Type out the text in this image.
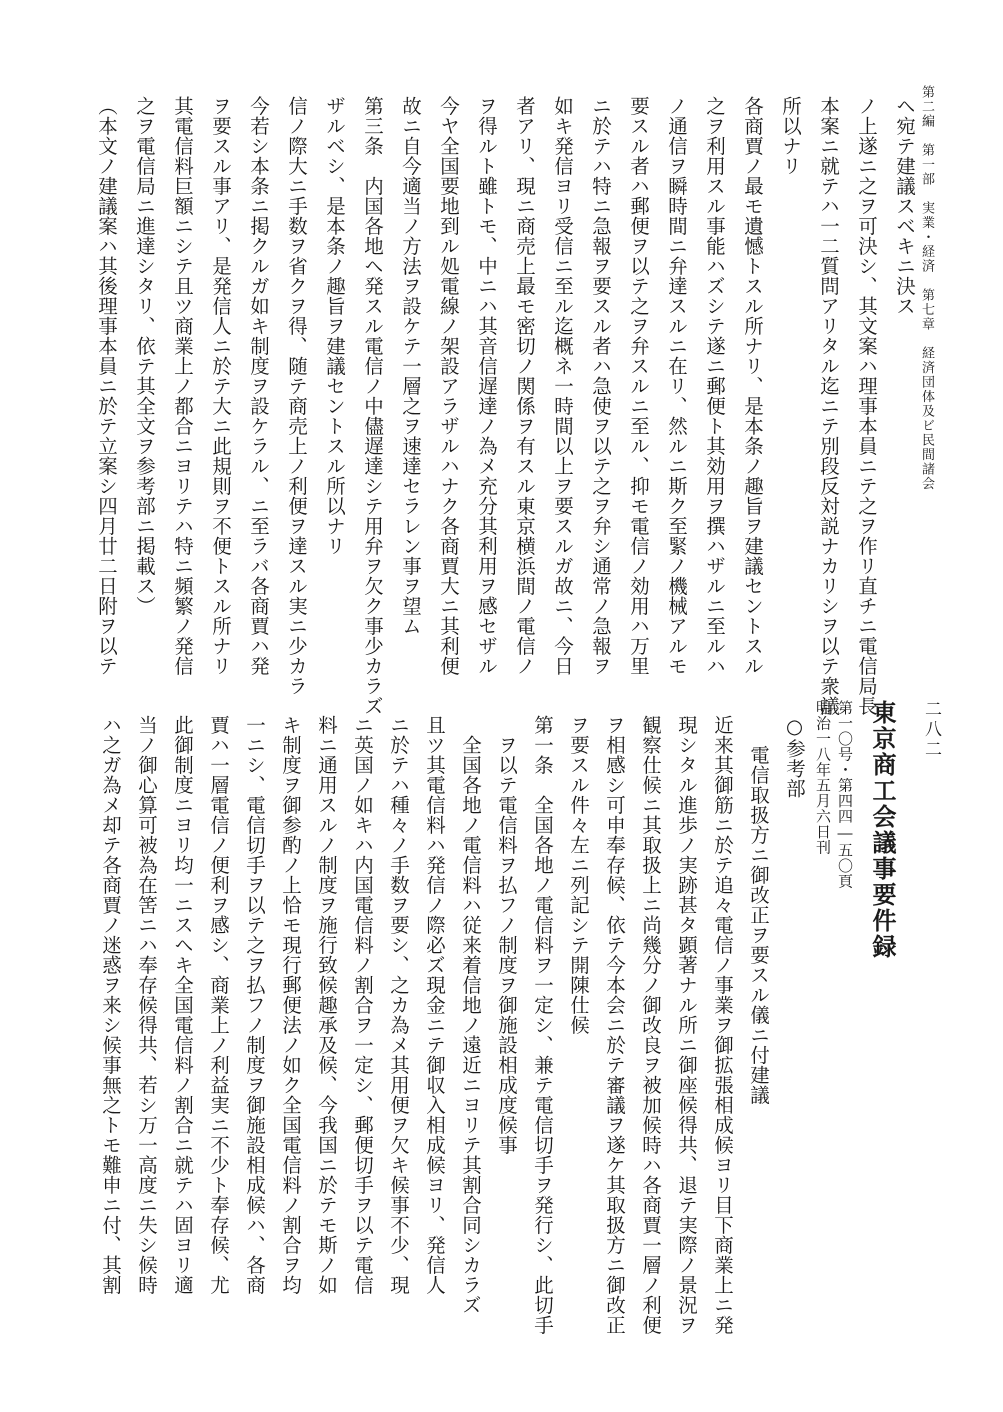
第二編　第一部　実業・経済　第七章　経済団体及ビ民間諸会
其電信料巨額ニシテ且ツ商業上ノ都合ニヨリテハ特ニ頻繁ノ発信 ヲ要スル事アリ、是発信人ニ於テ大ニ此規則ヲ不便トスル所ナリ 今若シ本条ニ掲クルガ如キ制度ヲ設ケラル、ニ至ラバ各商賈ハ発 信ノ際大ニ手数ヲ省クヲ得、随テ商売上ノ利便ヲ達スル実ニ少カラ ザルベシ、是本条ノ趣旨ヲ建議セントスル所以ナリ 第三条　内国各地ヘ発スル電信ノ中儘遅達シテ用弁ヲ欠ク事少カラズ 故ニ自今適当ノ方法ヲ設ケテ一層之ヲ速達セラレン事ヲ望ム 今ヤ全国要地到ル処電線ノ架設アラザルハナク各商賈大ニ其利便 ヲ得ルト雖トモ、中ニハ其音信遅達ノ為メ充分其利用ヲ感セザル 者アリ、現ニ商売上最モ密切ノ関係ヲ有スル東京横浜間ノ電信ノ 如キ発信ヨリ受信ニ至ル迄概ネ一時間以上ヲ要スルガ故ニ、今日 ニ於テハ特ニ急報ヲ要スル者ハ急使ヲ以テ之ヲ弁シ通常ノ急報ヲ 要スル者ハ郵便ヲ以テ之ヲ弁スルニ至ル、抑モ電信ノ効用ハ万里 ノ通信ヲ瞬時間ニ弁達スルニ在リ、然ルニ斯ク至緊ノ機械アルモ 之ヲ利用スル事能ハズシテ遂ニ郵便ト其効用ヲ撰ハザルニ至ルハ 各商賈ノ最モ遺憾トスル所ナリ、是本条ノ趣旨ヲ建議セントスル 所以ナリ 本案ニ就テハ一二質問アリタル迄ニテ別段反対説ナカリシヲ以テ衆議 ノ上遂ニ之ヲ可決シ、其文案ハ理事本員ニテ之ヲ作リ直チニ電信局長 ヘ宛テ建議スベキニ決ス
（本文ノ建議案ハ其後理事本員ニ於テ立案シ四月廿二日附ヲ以テ 之ヲ電信局ニ進達シタリ、依テ其全文ヲ参考部ニ掲載ス）
二八二
東京商工会議事要件録
第一〇号・第四四―五〇頁
明治一八年五月六日刊
○参考部
電信取扱方ニ御改正ヲ要スル儀ニ付建議
近来其御筋ニ於テ追々電信ノ事業ヲ御拡張相成候ヨリ目下商業上ニ発
現シタル進歩ノ実跡甚タ顕著ナル所ニ御座候得共、退テ実際ノ景況ヲ
観察仕候ニ其取扱上ニ尚幾分ノ御改良ヲ被加候時ハ各商賈一層ノ利便
ヲ相感シ可申奉存候、依テ今本会ニ於テ審議ヲ遂ケ其取扱方ニ御改正
ヲ要スル件々左ニ列記シテ開陳仕候
第一条　全国各地ノ電信料ヲ一定シ、兼テ電信切手ヲ発行シ、此切手
ヲ以テ電信料ヲ払フノ制度ヲ御施設相成度候事
全国各地ノ電信料ハ従来着信地ノ遠近ニヨリテ其割合同シカラズ
且ツ其電信料ハ発信ノ際必ズ現金ニテ御収入相成候ヨリ、発信人
ニ於テハ種々ノ手数ヲ要シ、之カ為メ其用便ヲ欠キ候事不少、現
ニ英国ノ如キハ内国電信料ノ割合ヲ一定シ、郵便切手ヲ以テ電信
料ニ通用スルノ制度ヲ施行致候趣承及候、今我国ニ於テモ斯ノ如
キ制度ヲ御参酌ノ上恰モ現行郵便法ノ如ク全国電信料ノ割合ヲ均
一ニシ、電信切手ヲ以テ之ヲ払フノ制度ヲ御施設相成候ハ、各商
賈ハ一層電信ノ便利ヲ感シ、商業上ノ利益実ニ不少ト奉存候、尤
此御制度ニヨリ均一ニスヘキ全国電信料ノ割合ニ就テハ固ヨリ適
当ノ御心算可被為在筈ニハ奉存候得共、若シ万一高度ニ失シ候時
ハ之ガ為メ却テ各商賈ノ迷惑ヲ来シ候事無之トモ難申ニ付、其割
